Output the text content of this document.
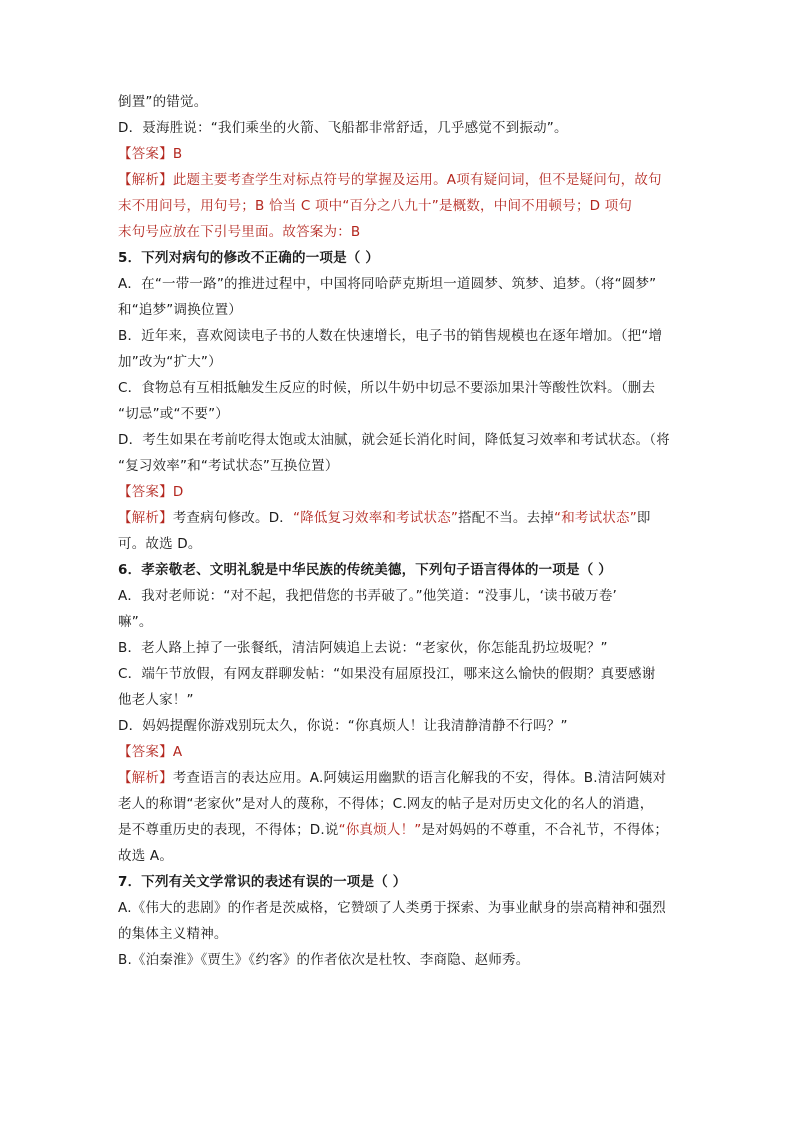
倒置”的错觉。
D．聂海胜说：“我们乘坐的火箭、飞船都非常舒适，几乎感觉不到振动”。
【答案】B
【解析】此题主要考查学生对标点符号的掌握及运用。A项有疑问词，但不是疑问句，故句
末不用问号，用句号；B 恰当 C 项中“百分之八九十”是概数，中间不用顿号；D 项句
末句号应放在下引号里面。故答案为：B
5．下列对病句的修改不正确的一项是（ ）
A．在“一带一路”的推进过程中，中国将同哈萨克斯坦一道圆梦、筑梦、追梦。（将“圆梦”
和“追梦”调换位置）
B．近年来，喜欢阅读电子书的人数在快速增长，电子书的销售规模也在逐年增加。（把“增
加”改为“扩大”）
C．食物总有互相抵触发生反应的时候，所以牛奶中切忌不要添加果汁等酸性饮料。（删去
“切忌”或“不要”）
D．考生如果在考前吃得太饱或太油腻，就会延长消化时间，降低复习效率和考试状态。（将
“复习效率”和“考试状态”互换位置）
【答案】D
【解析】考查病句修改。D．“降低复习效率和考试状态”搭配不当。去掉“和考试状态”即
可。故选 D。
6．孝亲敬老、文明礼貌是中华民族的传统美德，下列句子语言得体的一项是（ ）
A．我对老师说：“对不起，我把借您的书弄破了。”他笑道：“没事儿，‘读书破万卷’
嘛”。
B．老人路上掉了一张餐纸，清洁阿姨追上去说：“老家伙，你怎能乱扔垃圾呢？”
C．端午节放假，有网友群聊发帖：“如果没有屈原投江，哪来这么愉快的假期？真要感谢
他老人家！”
D．妈妈提醒你游戏别玩太久，你说：“你真烦人！让我清静清静不行吗？”
【答案】A
【解析】考查语言的表达应用。A.阿姨运用幽默的语言化解我的不安，得体。B.清洁阿姨对
老人的称谓“老家伙”是对人的蔑称，不得体；C.网友的帖子是对历史文化的名人的消遣，
是不尊重历史的表现，不得体；D.说“你真烦人！”是对妈妈的不尊重，不合礼节，不得体；
故选 A。
7．下列有关文学常识的表述有误的一项是（ ）
A.《伟大的悲剧》的作者是茨威格，它赞颂了人类勇于探索、为事业献身的崇高精神和强烈
的集体主义精神。
B.《泊秦淮》《贾生》《约客》的作者依次是杜牧、李商隐、赵师秀。
